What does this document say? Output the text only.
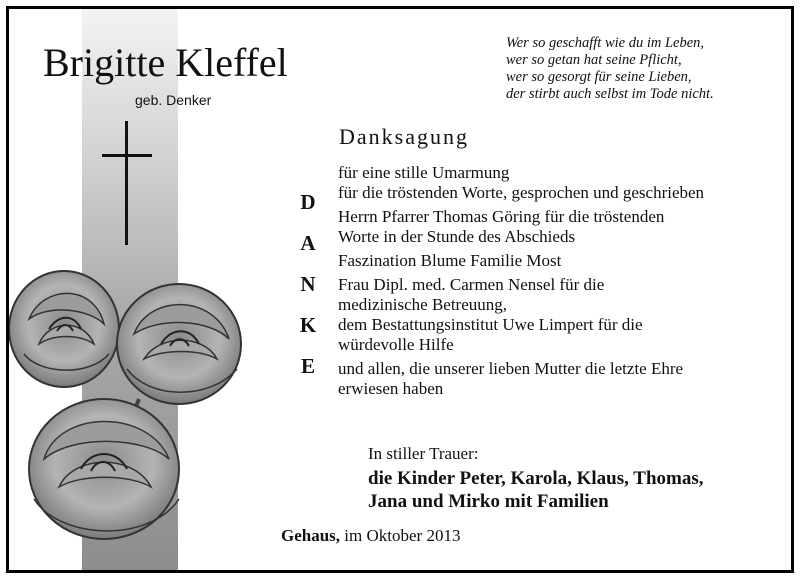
Brigitte Kleffel
geb. Denker
Wer so geschafft wie du im Leben,
wer so getan hat seine Pflicht,
wer so gesorgt für seine Lieben,
der stirbt auch selbst im Tode nicht.
Danksagung
D
A
N
K
E
für eine stille Umarmung
für die tröstenden Worte, gesprochen und geschrieben
Herrn Pfarrer Thomas Göring für die tröstenden
Worte in der Stunde des Abschieds
Faszination Blume Familie Most
Frau Dipl. med. Carmen Nensel für die
medizinische Betreuung,
dem Bestattungsinstitut Uwe Limpert für die
würdevolle Hilfe
und allen, die unserer lieben Mutter die letzte Ehre
erwiesen haben
In stiller Trauer:
die Kinder Peter, Karola, Klaus, Thomas,
Jana und Mirko mit Familien
Gehaus, im Oktober 2013
